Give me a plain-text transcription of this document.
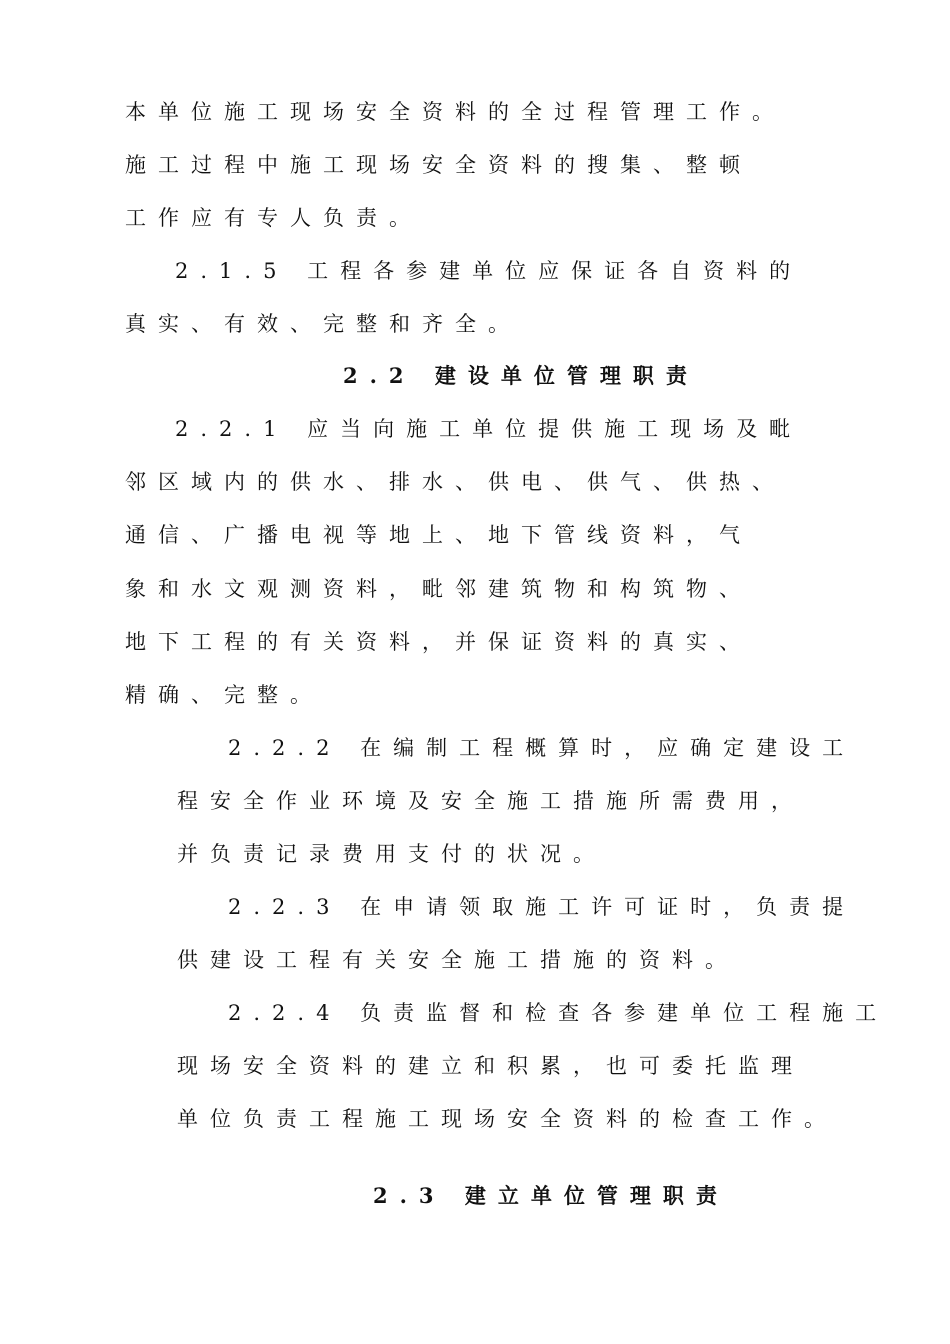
本单位施工现场安全资料的全过程管理工作。
施工过程中施工现场安全资料的搜集、整顿
工作应有专人负责。
2.1.5 工程各参建单位应保证各自资料的
真实、有效、完整和齐全。
2.2 建设单位管理职责
2.2.1 应当向施工单位提供施工现场及毗
邻区域内的供水、排水、供电、供气、供热、
通信、广播电视等地上、地下管线资料，气
象和水文观测资料，毗邻建筑物和构筑物、
地下工程的有关资料，并保证资料的真实、
精确、完整。
2.2.2 在编制工程概算时，应确定建设工
程安全作业环境及安全施工措施所需费用，
并负责记录费用支付的状况。
2.2.3 在申请领取施工许可证时，负责提
供建设工程有关安全施工措施的资料。
2.2.4 负责监督和检查各参建单位工程施工
现场安全资料的建立和积累，也可委托监理
单位负责工程施工现场安全资料的检查工作。
2.3 建立单位管理职责
